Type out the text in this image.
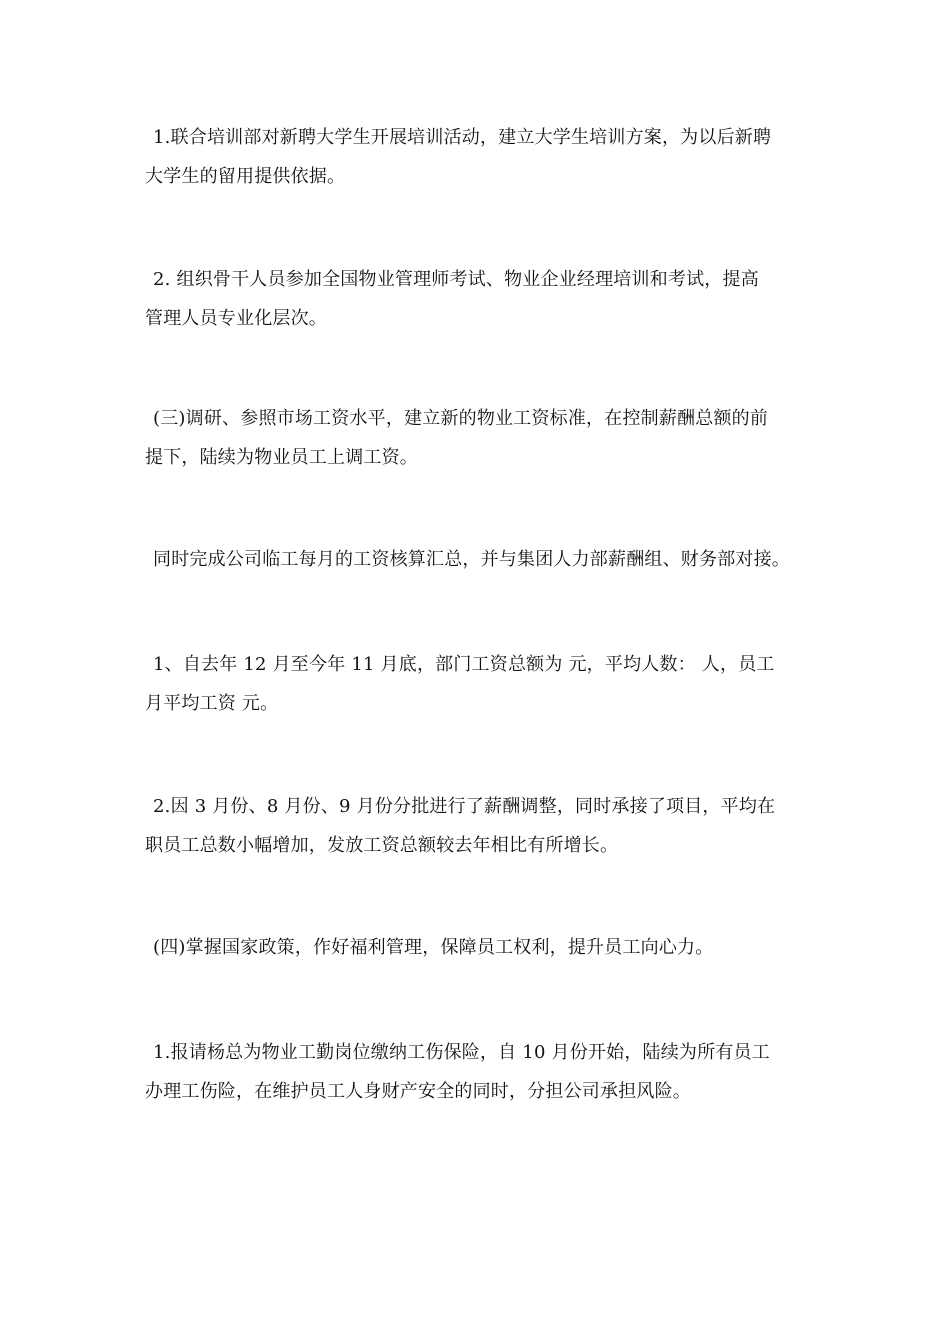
1.联合培训部对新聘大学生开展培训活动，建立大学生培训方案，为以后新聘
大学生的留用提供依据。
2. 组织骨干人员参加全国物业管理师考试、物业企业经理培训和考试，提高
管理人员专业化层次。
(三)调研、参照市场工资水平，建立新的物业工资标准，在控制薪酬总额的前
提下，陆续为物业员工上调工资。
同时完成公司临工每月的工资核算汇总，并与集团人力部薪酬组、财务部对接。
1、自去年 12 月至今年 11 月底，部门工资总额为 元，平均人数： 人，员工
月平均工资 元。
2.因 3 月份、8 月份、9 月份分批进行了薪酬调整，同时承接了项目，平均在
职员工总数小幅增加，发放工资总额较去年相比有所增长。
(四)掌握国家政策，作好福利管理，保障员工权利，提升员工向心力。
1.报请杨总为物业工勤岗位缴纳工伤保险，自 10 月份开始，陆续为所有员工
办理工伤险，在维护员工人身财产安全的同时，分担公司承担风险。
